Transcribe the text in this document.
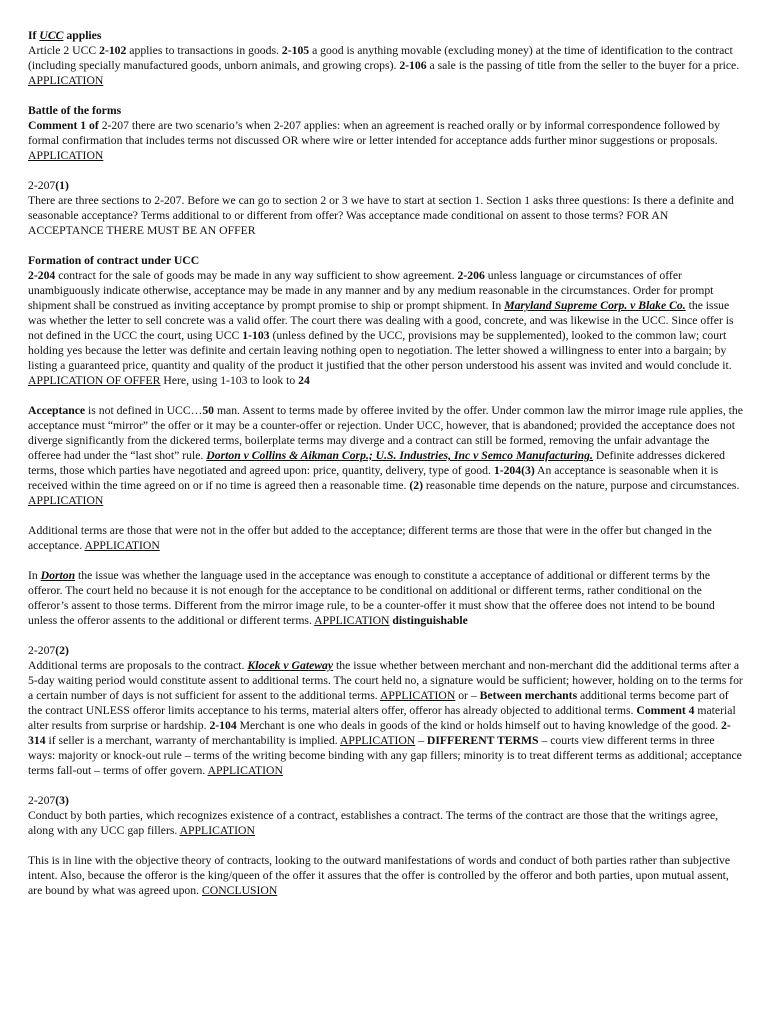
If UCC applies

Article 2 UCC 2-102 applies to transactions in goods. 2-105 a good is anything movable (excluding money) at the time of identification to the contract (including specially manufactured goods, unborn animals, and growing crops). 2-106 a sale is the passing of title from the seller to the buyer for a price. APPLICATION

Battle of the forms

Comment 1 of 2-207 there are two scenario’s when 2-207 applies: when an agreement is reached orally or by informal correspondence followed by formal confirmation that includes terms not discussed OR where wire or letter intended for acceptance adds further minor suggestions or proposals. APPLICATION

2-207(1)

There are three sections to 2-207. Before we can go to section 2 or 3 we have to start at section 1. Section 1 asks three questions: Is there a definite and seasonable acceptance? Terms additional to or different from offer? Was acceptance made conditional on assent to those terms? FOR AN ACCEPTANCE THERE MUST BE AN OFFER

Formation of contract under UCC

2-204 contract for the sale of goods may be made in any way sufficient to show agreement. 2-206 unless language or circumstances of offer unambiguously indicate otherwise, acceptance may be made in any manner and by any medium reasonable in the circumstances. Order for prompt shipment shall be construed as inviting acceptance by prompt promise to ship or prompt shipment. In Maryland Supreme Corp. v Blake Co. the issue was whether the letter to sell concrete was a valid offer. The court there was dealing with a good, concrete, and was likewise in the UCC. Since offer is not defined in the UCC the court, using UCC 1-103 (unless defined by the UCC, provisions may be supplemented), looked to the common law; court holding yes because the letter was definite and certain leaving nothing open to negotiation. The letter showed a willingness to enter into a bargain; by listing a guaranteed price, quantity and quality of the product it justified that the other person understood his assent was invited and would conclude it. APPLICATION OF OFFER Here, using 1-103 to look to 24

Acceptance is not defined in UCC…50 man. Assent to terms made by offeree invited by the offer. Under common law the mirror image rule applies, the acceptance must “mirror” the offer or it may be a counter-offer or rejection. Under UCC, however, that is abandoned; provided the acceptance does not diverge significantly from the dickered terms, boilerplate terms may diverge and a contract can still be formed, removing the unfair advantage the offeree had under the “last shot” rule. Dorton v Collins & Aikman Corp.; U.S. Industries, Inc v Semco Manufacturing. Definite addresses dickered terms, those which parties have negotiated and agreed upon: price, quantity, delivery, type of good. 1-204(3) An acceptance is seasonable when it is received within the time agreed on or if no time is agreed then a reasonable time. (2) reasonable time depends on the nature, purpose and circumstances.

APPLICATION

Additional terms are those that were not in the offer but added to the acceptance; different terms are those that were in the offer but changed in the acceptance. APPLICATION

In Dorton the issue was whether the language used in the acceptance was enough to constitute a acceptance of additional or different terms by the offeror. The court held no because it is not enough for the acceptance to be conditional on additional or different terms, rather conditional on the offeror’s assent to those terms. Different from the mirror image rule, to be a counter-offer it must show that the offeree does not intend to be bound unless the offeror assents to the additional or different terms. APPLICATION distinguishable

2-207(2)

Additional terms are proposals to the contract. Klocek v Gateway the issue whether between merchant and non-merchant did the additional terms after a 5-day waiting period would constitute assent to additional terms. The court held no, a signature would be sufficient; however, holding on to the terms for a certain number of days is not sufficient for assent to the additional terms. APPLICATION or – Between merchants additional terms become part of the contract UNLESS offeror limits acceptance to his terms, material alters offer, offeror has already objected to additional terms. Comment 4 material alter results from surprise or hardship. 2-104 Merchant is one who deals in goods of the kind or holds himself out to having knowledge of the good. 2-314 if seller is a merchant, warranty of merchantability is implied. APPLICATION – DIFFERENT TERMS – courts view different terms in three ways: majority or knock-out rule – terms of the writing become binding with any gap fillers; minority is to treat different terms as additional; acceptance terms fall-out – terms of offer govern. APPLICATION

2-207(3)

Conduct by both parties, which recognizes existence of a contract, establishes a contract. The terms of the contract are those that the writings agree, along with any UCC gap fillers. APPLICATION

This is in line with the objective theory of contracts, looking to the outward manifestations of words and conduct of both parties rather than subjective intent. Also, because the offeror is the king/queen of the offer it assures that the offer is controlled by the offeror and both parties, upon mutual assent, are bound by what was agreed upon. CONCLUSION
